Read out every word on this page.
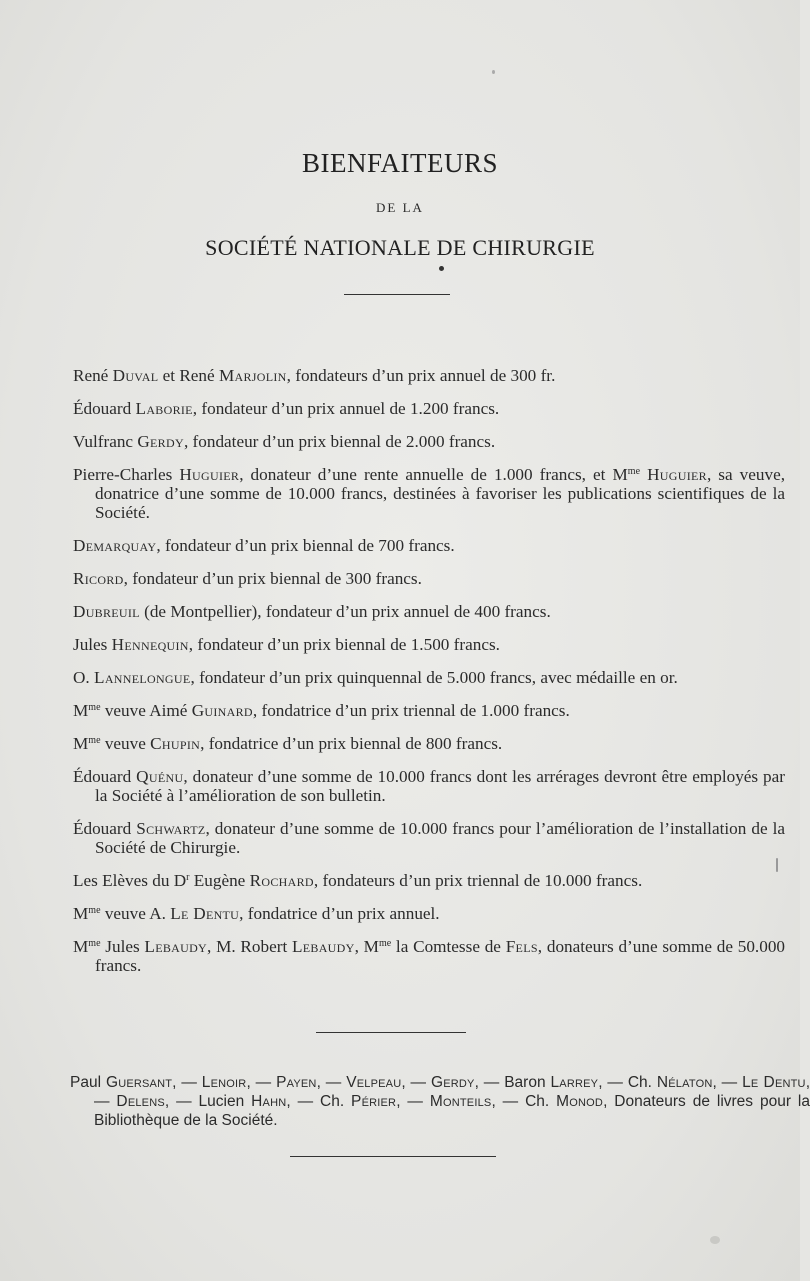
BIENFAITEURS
DE LA
SOCIÉTÉ NATIONALE DE CHIRURGIE
René Duval et René Marjolin, fondateurs d’un prix annuel de 300 fr.
Édouard Laborie, fondateur d’un prix annuel de 1.200 francs.
Vulfranc Gerdy, fondateur d’un prix biennal de 2.000 francs.
Pierre-Charles Huguier, donateur d’une rente annuelle de 1.000 francs, et $M^{me}$ Huguier, sa veuve, donatrice d’une somme de 10.000 francs, destinées à favoriser les publications scientifiques de la Société.
Demarquay, fondateur d’un prix biennal de 700 francs.
Ricord, fondateur d’un prix biennal de 300 francs.
Dubreuil (de Montpellier), fondateur d’un prix annuel de 400 francs.
Jules Hennequin, fondateur d’un prix biennal de 1.500 francs.
O. Lannelongue, fondateur d’un prix quinquennal de 5.000 francs, avec médaille en or.
$M^{me}$ veuve Aimé Guinard, fondatrice d’un prix triennal de 1.000 francs.
$M^{me}$ veuve Chupin, fondatrice d’un prix biennal de 800 francs.
Édouard Quénu, donateur d’une somme de 10.000 francs dont les arrérages devront être employés par la Société à l’amélioration de son bulletin.
Édouard Schwartz, donateur d’une somme de 10.000 francs pour l’amélioration de l’installation de la Société de Chirurgie.
Les Elèves du $D^r$ Eugène Rochard, fondateurs d’un prix triennal de 10.000 francs.
$M^{me}$ veuve A. Le Dentu, fondatrice d’un prix annuel.
$M^{me}$ Jules Lebaudy, M. Robert Lebaudy, $M^{me}$ la Comtesse de Fels, donateurs d’une somme de 50.000 francs.
Paul Guersant, — Lenoir, — Payen, — Velpeau, — Gerdy, — Baron Larrey, — Ch. Nélaton, — Le Dentu, — Delens, — Lucien Hahn, — Ch. Périer, — Monteils, — Ch. Monod, Donateurs de livres pour la Bibliothèque de la Société.
